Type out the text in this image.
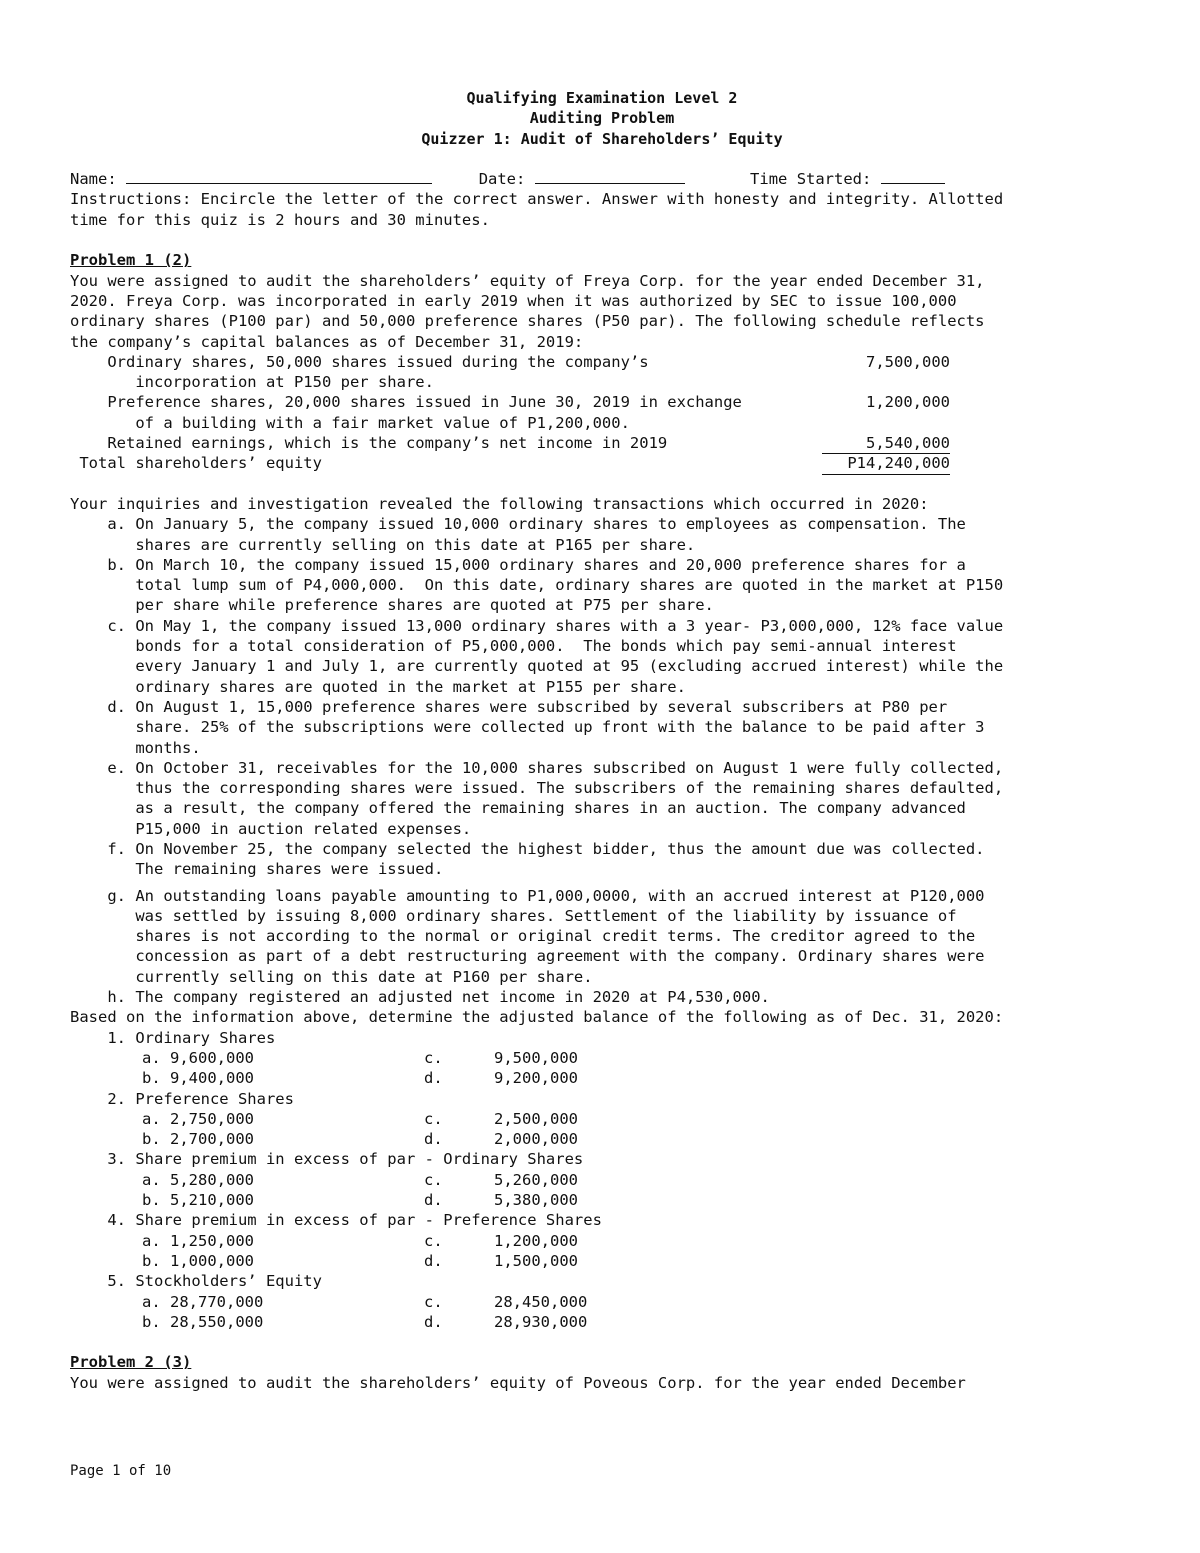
Qualifying Examination Level 2
Auditing Problem
Quizzer 1: Audit of Shareholders’ Equity
Name:	Date:	Time Started:
Instructions: Encircle the letter of the correct answer. Answer with honesty and integrity. Allotted
time for this quiz is 2 hours and 30 minutes.
Problem 1 (2)
You were assigned to audit the shareholders’ equity of Freya Corp. for the year ended December 31,
2020. Freya Corp. was incorporated in early 2019 when it was authorized by SEC to issue 100,000
ordinary shares (P100 par) and 50,000 preference shares (P50 par). The following schedule reflects
the company’s capital balances as of December 31, 2019:
Ordinary shares, 50,000 shares issued during the company’s	7,500,000
incorporation at P150 per share.
Preference shares, 20,000 shares issued in June 30, 2019 in exchange	1,200,000
of a building with a fair market value of P1,200,000.
Retained earnings, which is the company’s net income in 2019	5,540,000
Total shareholders’ equity	P14,240,000
Your inquiries and investigation revealed the following transactions which occurred in 2020:
a. On January 5, the company issued 10,000 ordinary shares to employees as compensation. The
shares are currently selling on this date at P165 per share.
b. On March 10, the company issued 15,000 ordinary shares and 20,000 preference shares for a
total lump sum of P4,000,000.  On this date, ordinary shares are quoted in the market at P150
per share while preference shares are quoted at P75 per share.
c. On May 1, the company issued 13,000 ordinary shares with a 3 year- P3,000,000, 12% face value
bonds for a total consideration of P5,000,000.  The bonds which pay semi-annual interest
every January 1 and July 1, are currently quoted at 95 (excluding accrued interest) while the
ordinary shares are quoted in the market at P155 per share.
d. On August 1, 15,000 preference shares were subscribed by several subscribers at P80 per
share. 25% of the subscriptions were collected up front with the balance to be paid after 3
months.
e. On October 31, receivables for the 10,000 shares subscribed on August 1 were fully collected,
thus the corresponding shares were issued. The subscribers of the remaining shares defaulted,
as a result, the company offered the remaining shares in an auction. The company advanced
P15,000 in auction related expenses.
f. On November 25, the company selected the highest bidder, thus the amount due was collected.
The remaining shares were issued.
g. An outstanding loans payable amounting to P1,000,0000, with an accrued interest at P120,000
was settled by issuing 8,000 ordinary shares. Settlement of the liability by issuance of
shares is not according to the normal or original credit terms. The creditor agreed to the
concession as part of a debt restructuring agreement with the company. Ordinary shares were
currently selling on this date at P160 per share.
h. The company registered an adjusted net income in 2020 at P4,530,000.
Based on the information above, determine the adjusted balance of the following as of Dec. 31, 2020:
1. Ordinary Shares
a. 9,600,000	c.	9,500,000
b. 9,400,000	d.	9,200,000
2. Preference Shares
a. 2,750,000	c.	2,500,000
b. 2,700,000	d.	2,000,000
3. Share premium in excess of par - Ordinary Shares
a. 5,280,000	c.	5,260,000
b. 5,210,000	d.	5,380,000
4. Share premium in excess of par - Preference Shares
a. 1,250,000	c.	1,200,000
b. 1,000,000	d.	1,500,000
5. Stockholders’ Equity
a. 28,770,000	c.	28,450,000
b. 28,550,000	d.	28,930,000
Problem 2 (3)
You were assigned to audit the shareholders’ equity of Poveous Corp. for the year ended December
Page 1 of 10
